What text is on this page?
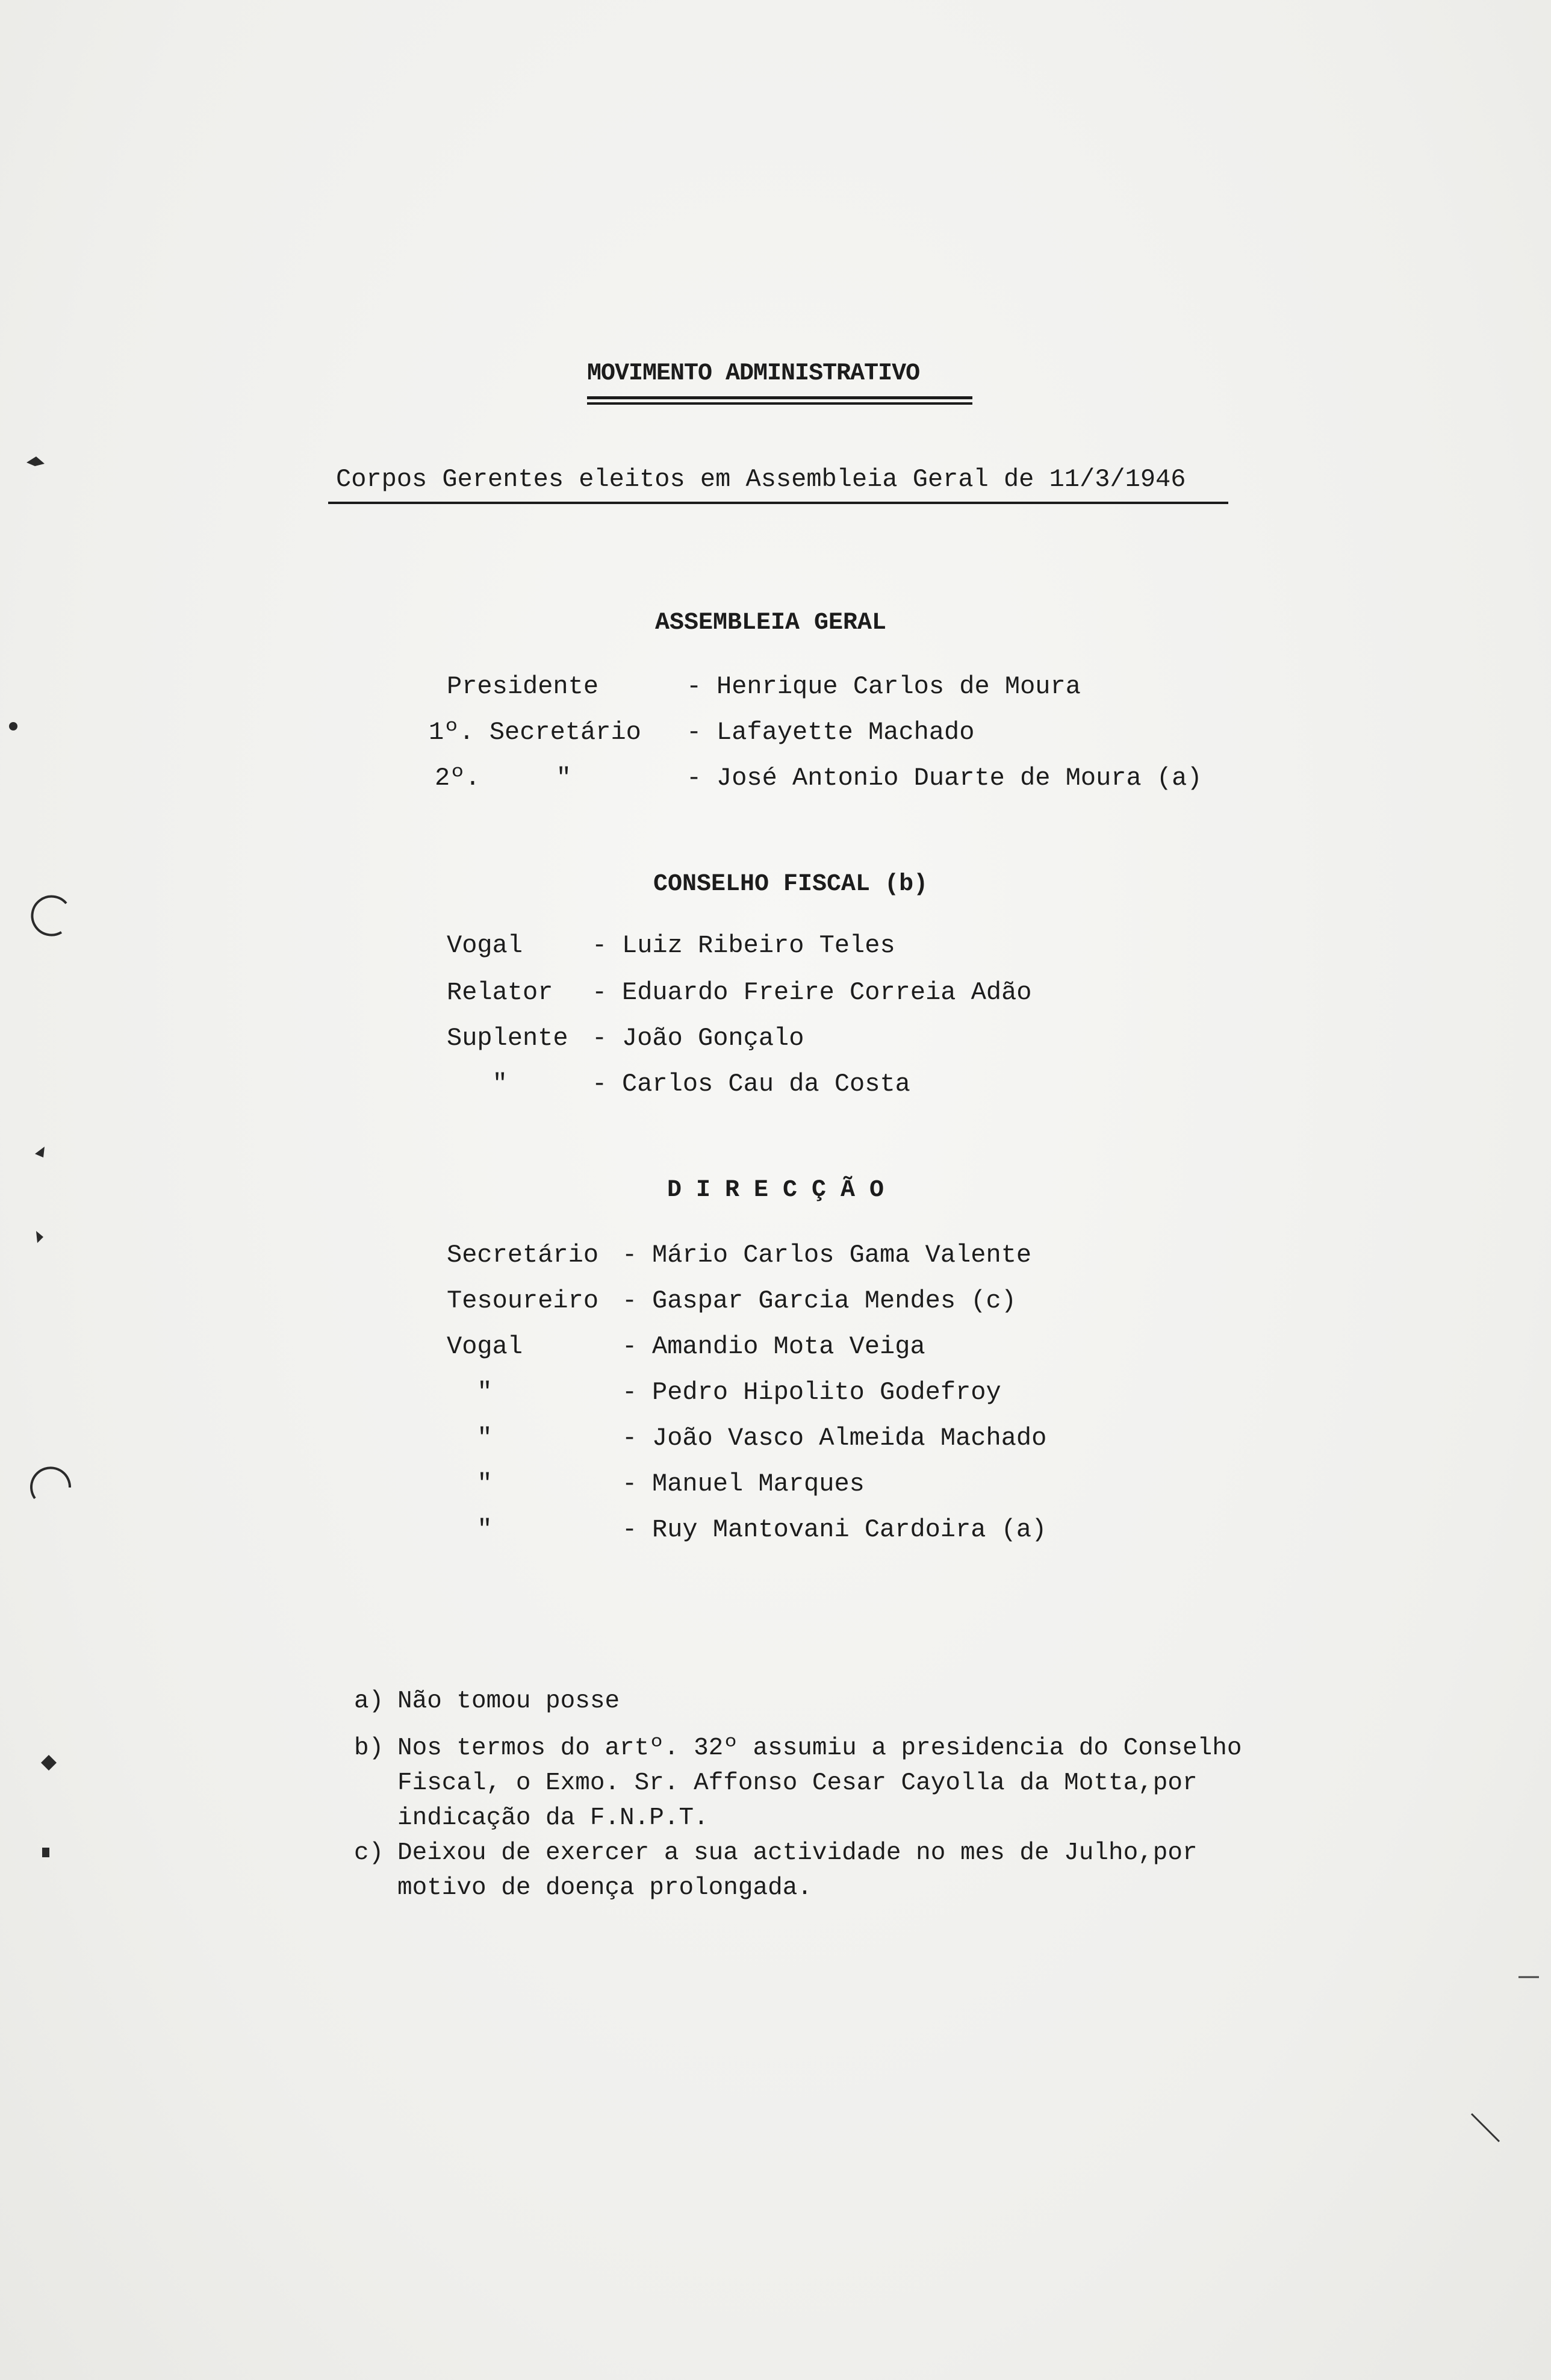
MOVIMENTO ADMINISTRATIVO
Corpos Gerentes eleitos em Assembleia Geral de 11/3/1946
ASSEMBLEIA GERAL
Presidente	- Henrique Carlos de Moura
1º. Secretário - Lafayette Machado
2º.     "	- José Antonio Duarte de Moura (a)
CONSELHO FISCAL (b)
Vogal	- Luiz Ribeiro Teles
Relator - Eduardo Freire Correia Adão
Suplente - João Gonçalo
"	- Carlos Cau da Costa
D I R E C Ç Ã O
Secretário - Mário Carlos Gama Valente
Tesoureiro - Gaspar Garcia Mendes (c)
Vogal	- Amandio Mota Veiga
"	- Pedro Hipolito Godefroy
"	- João Vasco Almeida Machado
"	- Manuel Marques
"	- Ruy Mantovani Cardoira (a)
a) Não tomou posse
b) Nos termos do artº. 32º assumiu a presidencia do Conselho
Fiscal, o Exmo. Sr. Affonso Cesar Cayolla da Motta,por
indicação da F.N.P.T.
c) Deixou de exercer a sua actividade no mes de Julho,por
motivo de doença prolongada.
